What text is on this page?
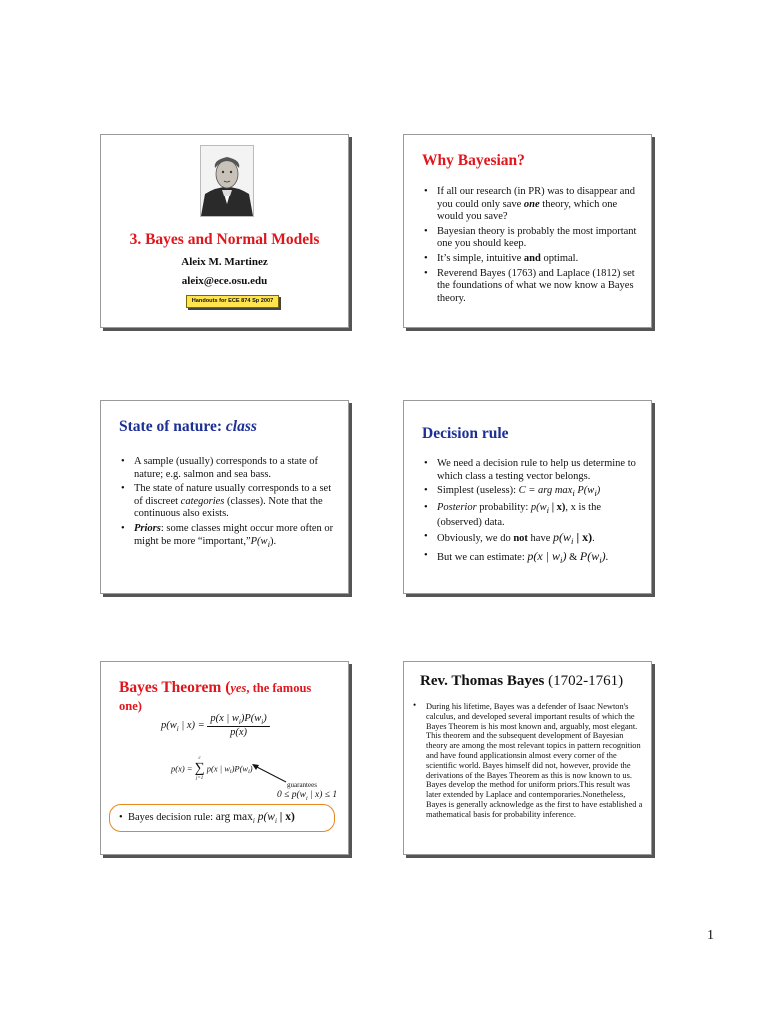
3. Bayes and Normal Models
Aleix M. Martinez
aleix@ece.osu.edu
Handouts for ECE 874 Sp 2007
Why Bayesian?
• If all our research (in PR) was to disappear and you could only save one theory, which one would you save?
• Bayesian theory is probably the most important one you should keep.
• It’s simple, intuitive and optimal.
• Reverend Bayes (1763) and Laplace (1812) set the foundations of what we now know a Bayes theory.
State of nature: class
• A sample (usually) corresponds to a state of nature; e.g. salmon and sea bass.
• The state of nature usually corresponds to a set of discreet categories (classes). Note that the continuous also exists.
• Priors: some classes might occur more often or might be more “$important,”P(w_i)$.
Decision rule
• We need a decision rule to help us determine to which class a testing vector belongs.
• Simplest (useless): C = arg $\max_i P(w_i)$
• Posterior probability: $p(w_i$ | x), x is the (observed) data.
• Obviously, we do not have $p(w_i$ | x).
• But we can estimate: p(x | $w_i$) & $P(w_i)$.
Bayes Theorem (yes, the famous one)
$p(w_i$ | $x) = \frac{p(x | w_i)P(w_i)}{p(x)}$
p(x) =
c
∑
j=1
p(x | $w_i)P(w_i)$
guarantees
$0 \le p(w_i$ | x) ≤ 1
•  Bayes decision rule: arg $\max_i p(w_i$ | x)
Rev. Thomas Bayes (1702-1761)
• During his lifetime, Bayes was a defender of Isaac Newton's calculus, and developed several important results of which the Bayes Theorem is his most known and, arguably, most elegant. This theorem and the subsequent development of Bayesian theory are among the most relevant topics in pattern recognition and have found applicationsin almost every corner of the scientific world. Bayes himself did not, however, provide the derivations of the Bayes Theorem as this is now known to us. Bayes develop the method for uniform priors.This result was later extended by Laplace and contemporaries.Nonetheless, Bayes is generally acknowledge as the first to have established a mathematical basis for probability inference.
1
